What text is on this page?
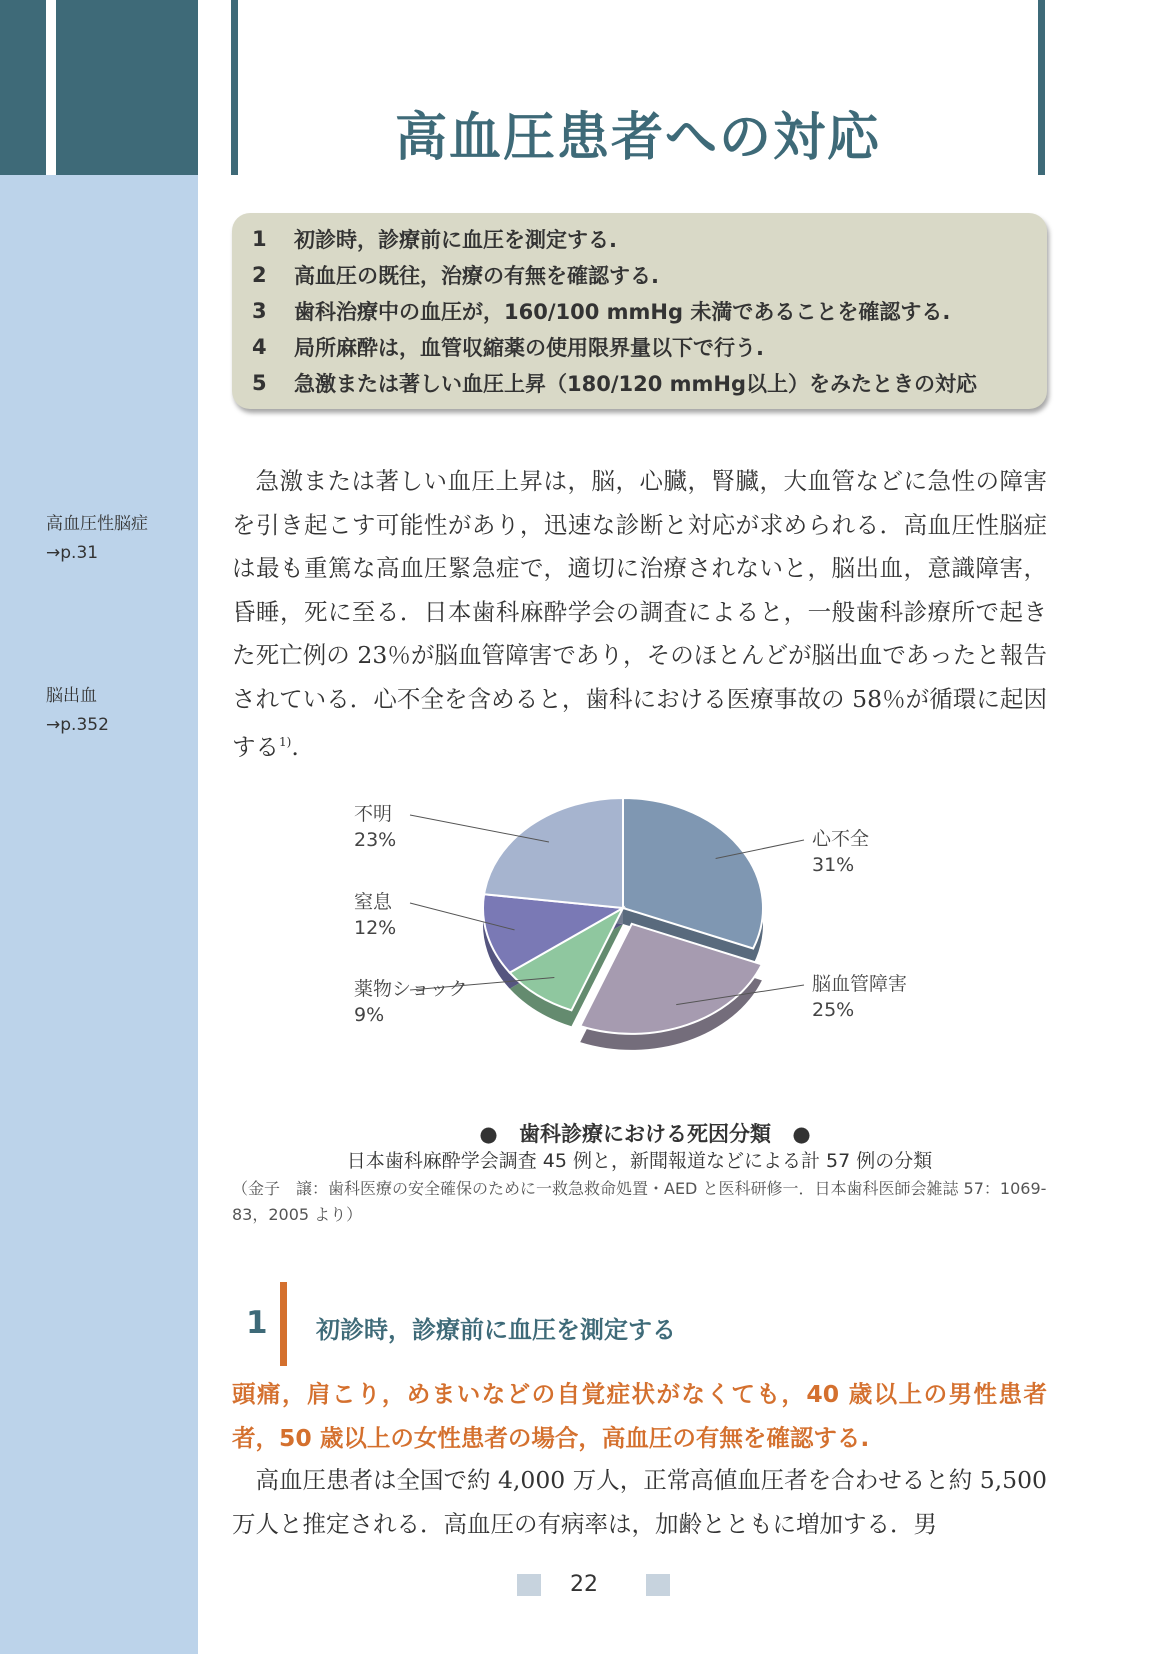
高血圧性脳症
→p.31
脳出血
→p.352
高血圧患者への対応
1	初診時，診療前に血圧を測定する.
2	高血圧の既往，治療の有無を確認する.
3	歯科治療中の血圧が，160/100 mmHg 未満であることを確認する.
4	局所麻酔は，血管収縮薬の使用限界量以下で行う.
5	急激または著しい血圧上昇（180/120 mmHg以上）をみたときの対応
急激または著しい血圧上昇は，脳，心臓，腎臓，大血管などに急性の障害を引き起こす可能性があり，迅速な診断と対応が求められる．高血圧性脳症は最も重篤な高血圧緊急症で，適切に治療されないと，脳出血，意識障害，昏睡，死に至る．日本歯科麻酔学会の調査によると，一般歯科診療所で起きた死亡例の 23％が脳血管障害であり，そのほとんどが脳出血であったと報告されている．心不全を含めると，歯科における医療事故の 58％が循環に起因する$^{1)}$.
心不全
31%
脳血管障害
25%
薬物ショック
9%
窒息
12%
不明
23%
● 歯科診療における死因分類 ●
日本歯科麻酔学会調査 45 例と，新聞報道などによる計 57 例の分類
（金子　譲：歯科医療の安全確保のために一救急救命処置・AED と医科研修一．日本歯科医師会雑誌 57：1069-83，2005 より）
1 初診時，診療前に血圧を測定する
頭痛，肩こり，めまいなどの自覚症状がなくても，40 歳以上の男性患者者，50 歳以上の女性患者の場合，高血圧の有無を確認する.
高血圧患者は全国で約 4,000 万人，正常高値血圧者を合わせると約 5,500 万人と推定される．高血圧の有病率は，加齢とともに増加する．男
22
